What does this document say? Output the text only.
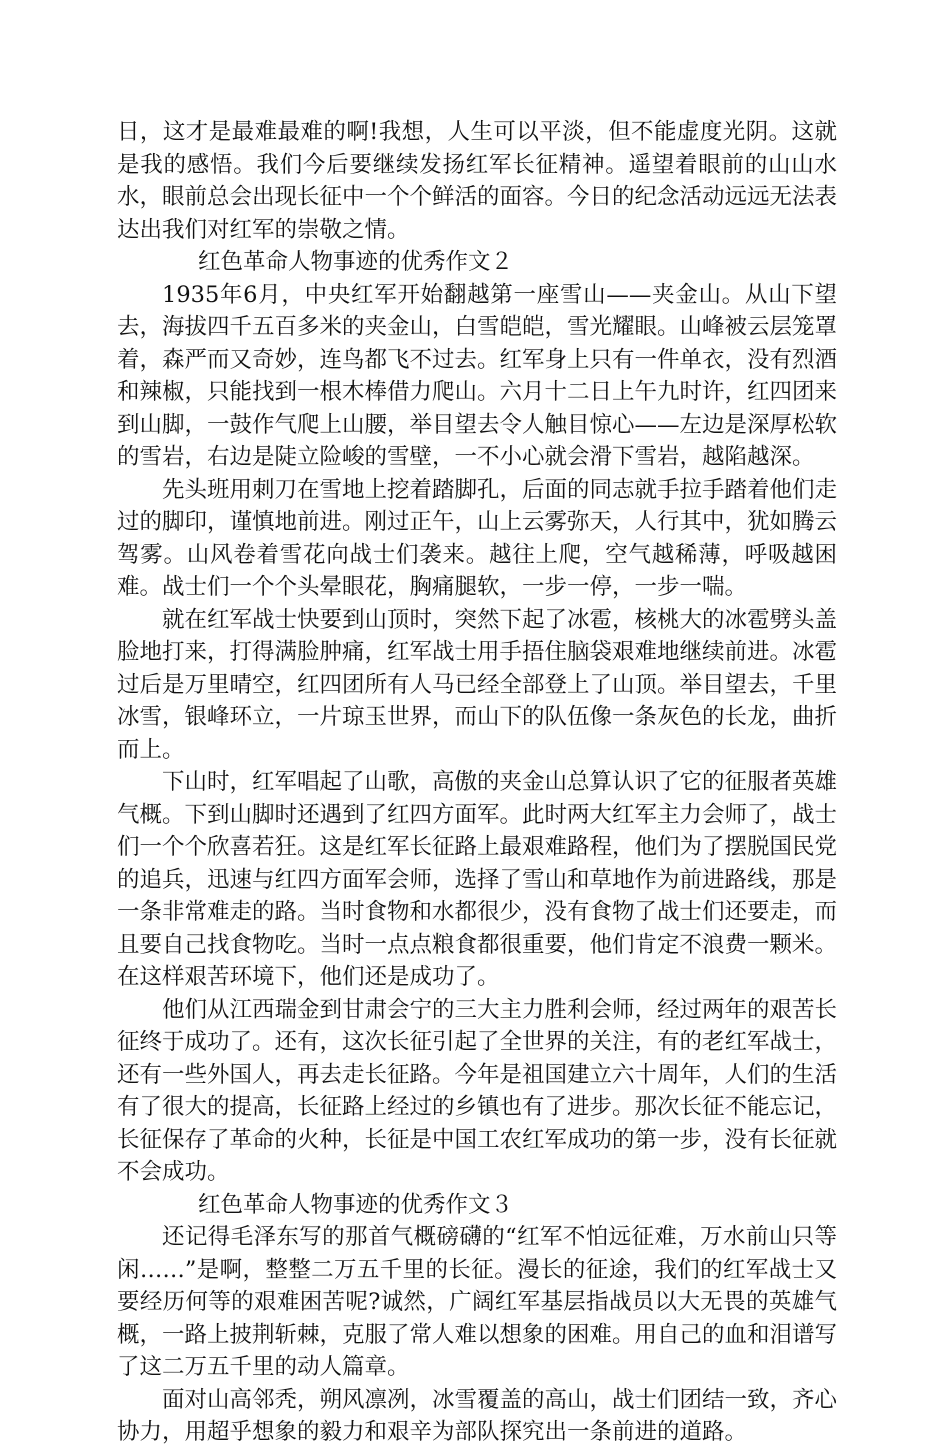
日，这才是最难最难的啊!我想，人生可以平淡，但不能虚度光阴。这就是我的感悟。我们今后要继续发扬红军长征精神。遥望着眼前的山山水水，眼前总会出现长征中一个个鲜活的面容。今日的纪念活动远远无法表达出我们对红军的崇敬之情。

红色革命人物事迹的优秀作文２

1935年6月，中央红军开始翻越第一座雪山——夹金山。从山下望去，海拔四千五百多米的夹金山，白雪皑皑，雪光耀眼。山峰被云层笼罩着，森严而又奇妙，连鸟都飞不过去。红军身上只有一件单衣，没有烈酒和辣椒，只能找到一根木棒借力爬山。六月十二日上午九时许，红四团来到山脚，一鼓作气爬上山腰，举目望去令人触目惊心——左边是深厚松软的雪岩，右边是陡立险峻的雪壁，一不小心就会滑下雪岩，越陷越深。

先头班用刺刀在雪地上挖着踏脚孔，后面的同志就手拉手踏着他们走过的脚印，谨慎地前进。刚过正午，山上云雾弥天，人行其中，犹如腾云驾雾。山风卷着雪花向战士们袭来。越往上爬，空气越稀薄，呼吸越困难。战士们一个个头晕眼花，胸痛腿软，一步一停，一步一喘。

就在红军战士快要到山顶时，突然下起了冰雹，核桃大的冰雹劈头盖脸地打来，打得满脸肿痛，红军战士用手捂住脑袋艰难地继续前进。冰雹过后是万里晴空，红四团所有人马已经全部登上了山顶。举目望去，千里冰雪，银峰环立，一片琼玉世界，而山下的队伍像一条灰色的长龙，曲折而上。

下山时，红军唱起了山歌，高傲的夹金山总算认识了它的征服者英雄气概。下到山脚时还遇到了红四方面军。此时两大红军主力会师了，战士们一个个欣喜若狂。这是红军长征路上最艰难路程，他们为了摆脱国民党的追兵，迅速与红四方面军会师，选择了雪山和草地作为前进路线，那是一条非常难走的路。当时食物和水都很少，没有食物了战士们还要走，而且要自己找食物吃。当时一点点粮食都很重要，他们肯定不浪费一颗米。在这样艰苦环境下，他们还是成功了。

他们从江西瑞金到甘肃会宁的三大主力胜利会师，经过两年的艰苦长征终于成功了。还有，这次长征引起了全世界的关注，有的老红军战士，还有一些外国人，再去走长征路。今年是祖国建立六十周年，人们的生活有了很大的提高，长征路上经过的乡镇也有了进步。那次长征不能忘记，长征保存了革命的火种，长征是中国工农红军成功的第一步，没有长征就不会成功。

红色革命人物事迹的优秀作文３

还记得毛泽东写的那首气概磅礴的“红军不怕远征难，万水前山只等闲……”是啊，整整二万五千里的长征。漫长的征途，我们的红军战士又要经历何等的艰难困苦呢?诚然，广阔红军基层指战员以大无畏的英雄气概，一路上披荆斩棘，克服了常人难以想象的困难。用自己的血和泪谱写了这二万五千里的动人篇章。

面对山高邻秃，朔风凛冽，冰雪覆盖的高山，战士们团结一致，齐心协力，用超乎想象的毅力和艰辛为部队探究出一条前进的道路。
